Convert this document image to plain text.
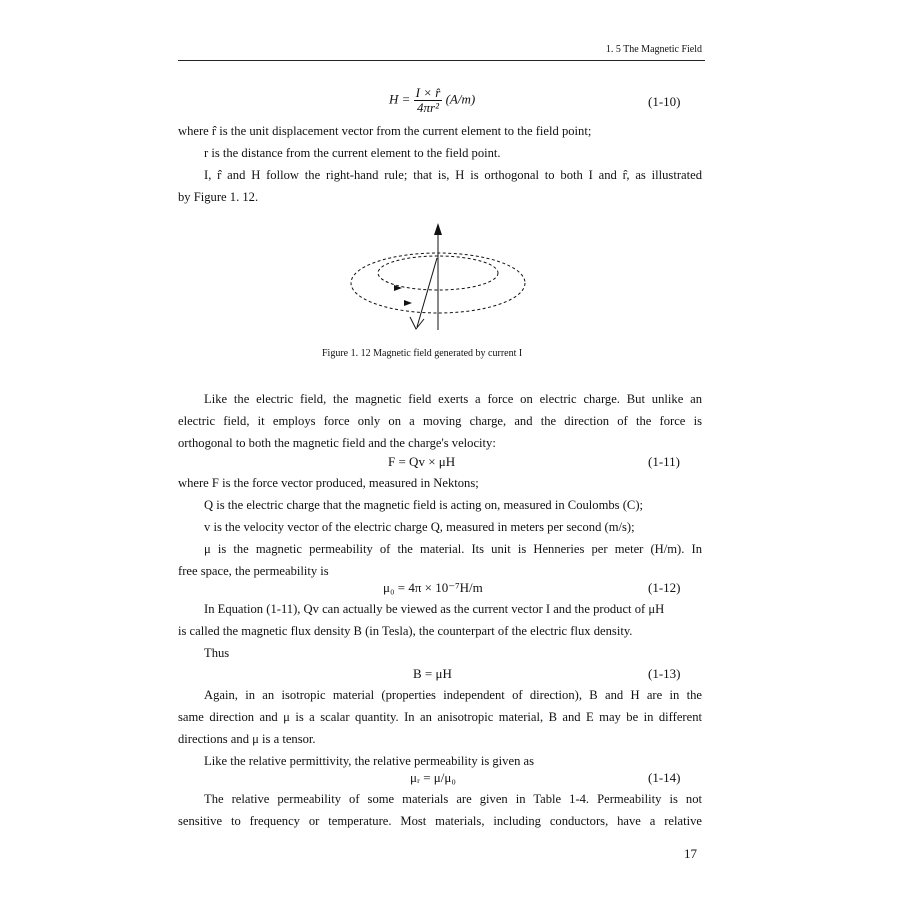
1. 5 The Magnetic Field
$H = \frac{I \times r̂}{\text{4πr²}} (A/m)$	(1-10)
where r̂ is the unit displacement vector from the current element to the field point;
r is the distance from the current element to the field point.
I, r̂ and H follow the right-hand rule; that is, H is orthogonal to both I and r̂, as illustrated
by Figure 1. 12.
Figure 1. 12 Magnetic field generated by current I
Like the electric field, the magnetic field exerts a force on electric charge. But unlike an
electric field, it employs force only on a moving charge, and the direction of the force is
orthogonal to both the magnetic field and the charge's velocity:
F = Qv × μH	(1-11)
where F is the force vector produced, measured in Nektons;
Q is the electric charge that the magnetic field is acting on, measured in Coulombs (C);
v is the velocity vector of the electric charge Q, measured in meters per second (m/s);
μ is the magnetic permeability of the material. Its unit is Henneries per meter (H/m). In
free space, the permeability is
μ₀ = 4π × 10⁻⁷H/m	(1-12)
In Equation (1-11), Qv can actually be viewed as the current vector I and the product of μH
is called the magnetic flux density B (in Tesla), the counterpart of the electric flux density.
Thus
B = μH	(1-13)
Again, in an isotropic material (properties independent of direction), B and H are in the
same direction and μ is a scalar quantity. In an anisotropic material, B and E may be in different
directions and μ is a tensor.
Like the relative permittivity, the relative permeability is given as
μᵣ = μ/μ₀	(1-14)
The relative permeability of some materials are given in Table 1-4. Permeability is not
sensitive to frequency or temperature. Most materials, including conductors, have a relative
17
